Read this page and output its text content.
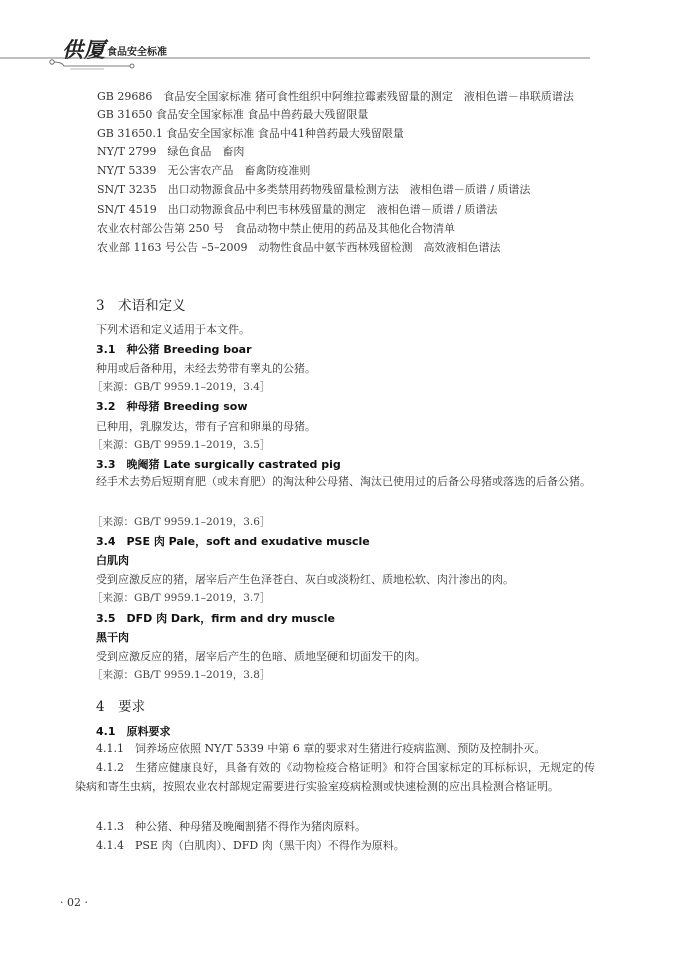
供厦 食品安全标准
GB 29686　食品安全国家标准 猪可食性组织中阿维拉霉素残留量的测定　液相色谱－串联质谱法
GB 31650 食品安全国家标准 食品中兽药最大残留限量
GB 31650.1 食品安全国家标准 食品中41种兽药最大残留限量
NY/T 2799　绿色食品　畜肉
NY/T 5339　无公害农产品　畜禽防疫准则
SN/T 3235　出口动物源食品中多类禁用药物残留量检测方法　液相色谱－质谱 / 质谱法
SN/T 4519　出口动物源食品中利巴韦林残留量的测定　液相色谱－质谱 / 质谱法
农业农村部公告第 250 号　食品动物中禁止使用的药品及其他化合物清单
农业部 1163 号公告 –5–2009　动物性食品中氨苄西林残留检测　高效液相色谱法
3　术语和定义
下列术语和定义适用于本文件。
3.1　种公猪 Breeding boar
种用或后备种用，未经去势带有睾丸的公猪。
［来源：GB/T 9959.1–2019，3.4］
3.2　种母猪 Breeding sow
已种用，乳腺发达，带有子宫和卵巢的母猪。
［来源：GB/T 9959.1–2019，3.5］
3.3　晚阉猪 Late surgically castrated pig
经手术去势后短期育肥（或未育肥）的淘汰种公母猪、淘汰已使用过的后备公母猪或落选的后备公猪。
［来源：GB/T 9959.1–2019，3.6］
3.4　PSE 肉 Pale，soft and exudative muscle
白肌肉
受到应激反应的猪，屠宰后产生色泽苍白、灰白或淡粉红、质地松软、肉汁渗出的肉。
［来源：GB/T 9959.1–2019，3.7］
3.5　DFD 肉 Dark，firm and dry muscle
黑干肉
受到应激反应的猪，屠宰后产生的色暗、质地坚硬和切面发干的肉。
［来源：GB/T 9959.1–2019，3.8］
4　要求
4.1　原料要求
4.1.1　饲养场应依照 NY/T 5339 中第 6 章的要求对生猪进行疫病监测、预防及控制扑灭。
4.1.2　生猪应健康良好，具备有效的《动物检疫合格证明》和符合国家标定的耳标标识，无规定的传染病和寄生虫病，按照农业农村部规定需要进行实验室疫病检测或快速检测的应出具检测合格证明。
4.1.3　种公猪、种母猪及晚阉割猪不得作为猪肉原料。
4.1.4　PSE 肉（白肌肉）、DFD 肉（黑干肉）不得作为原料。
· 02 ·
